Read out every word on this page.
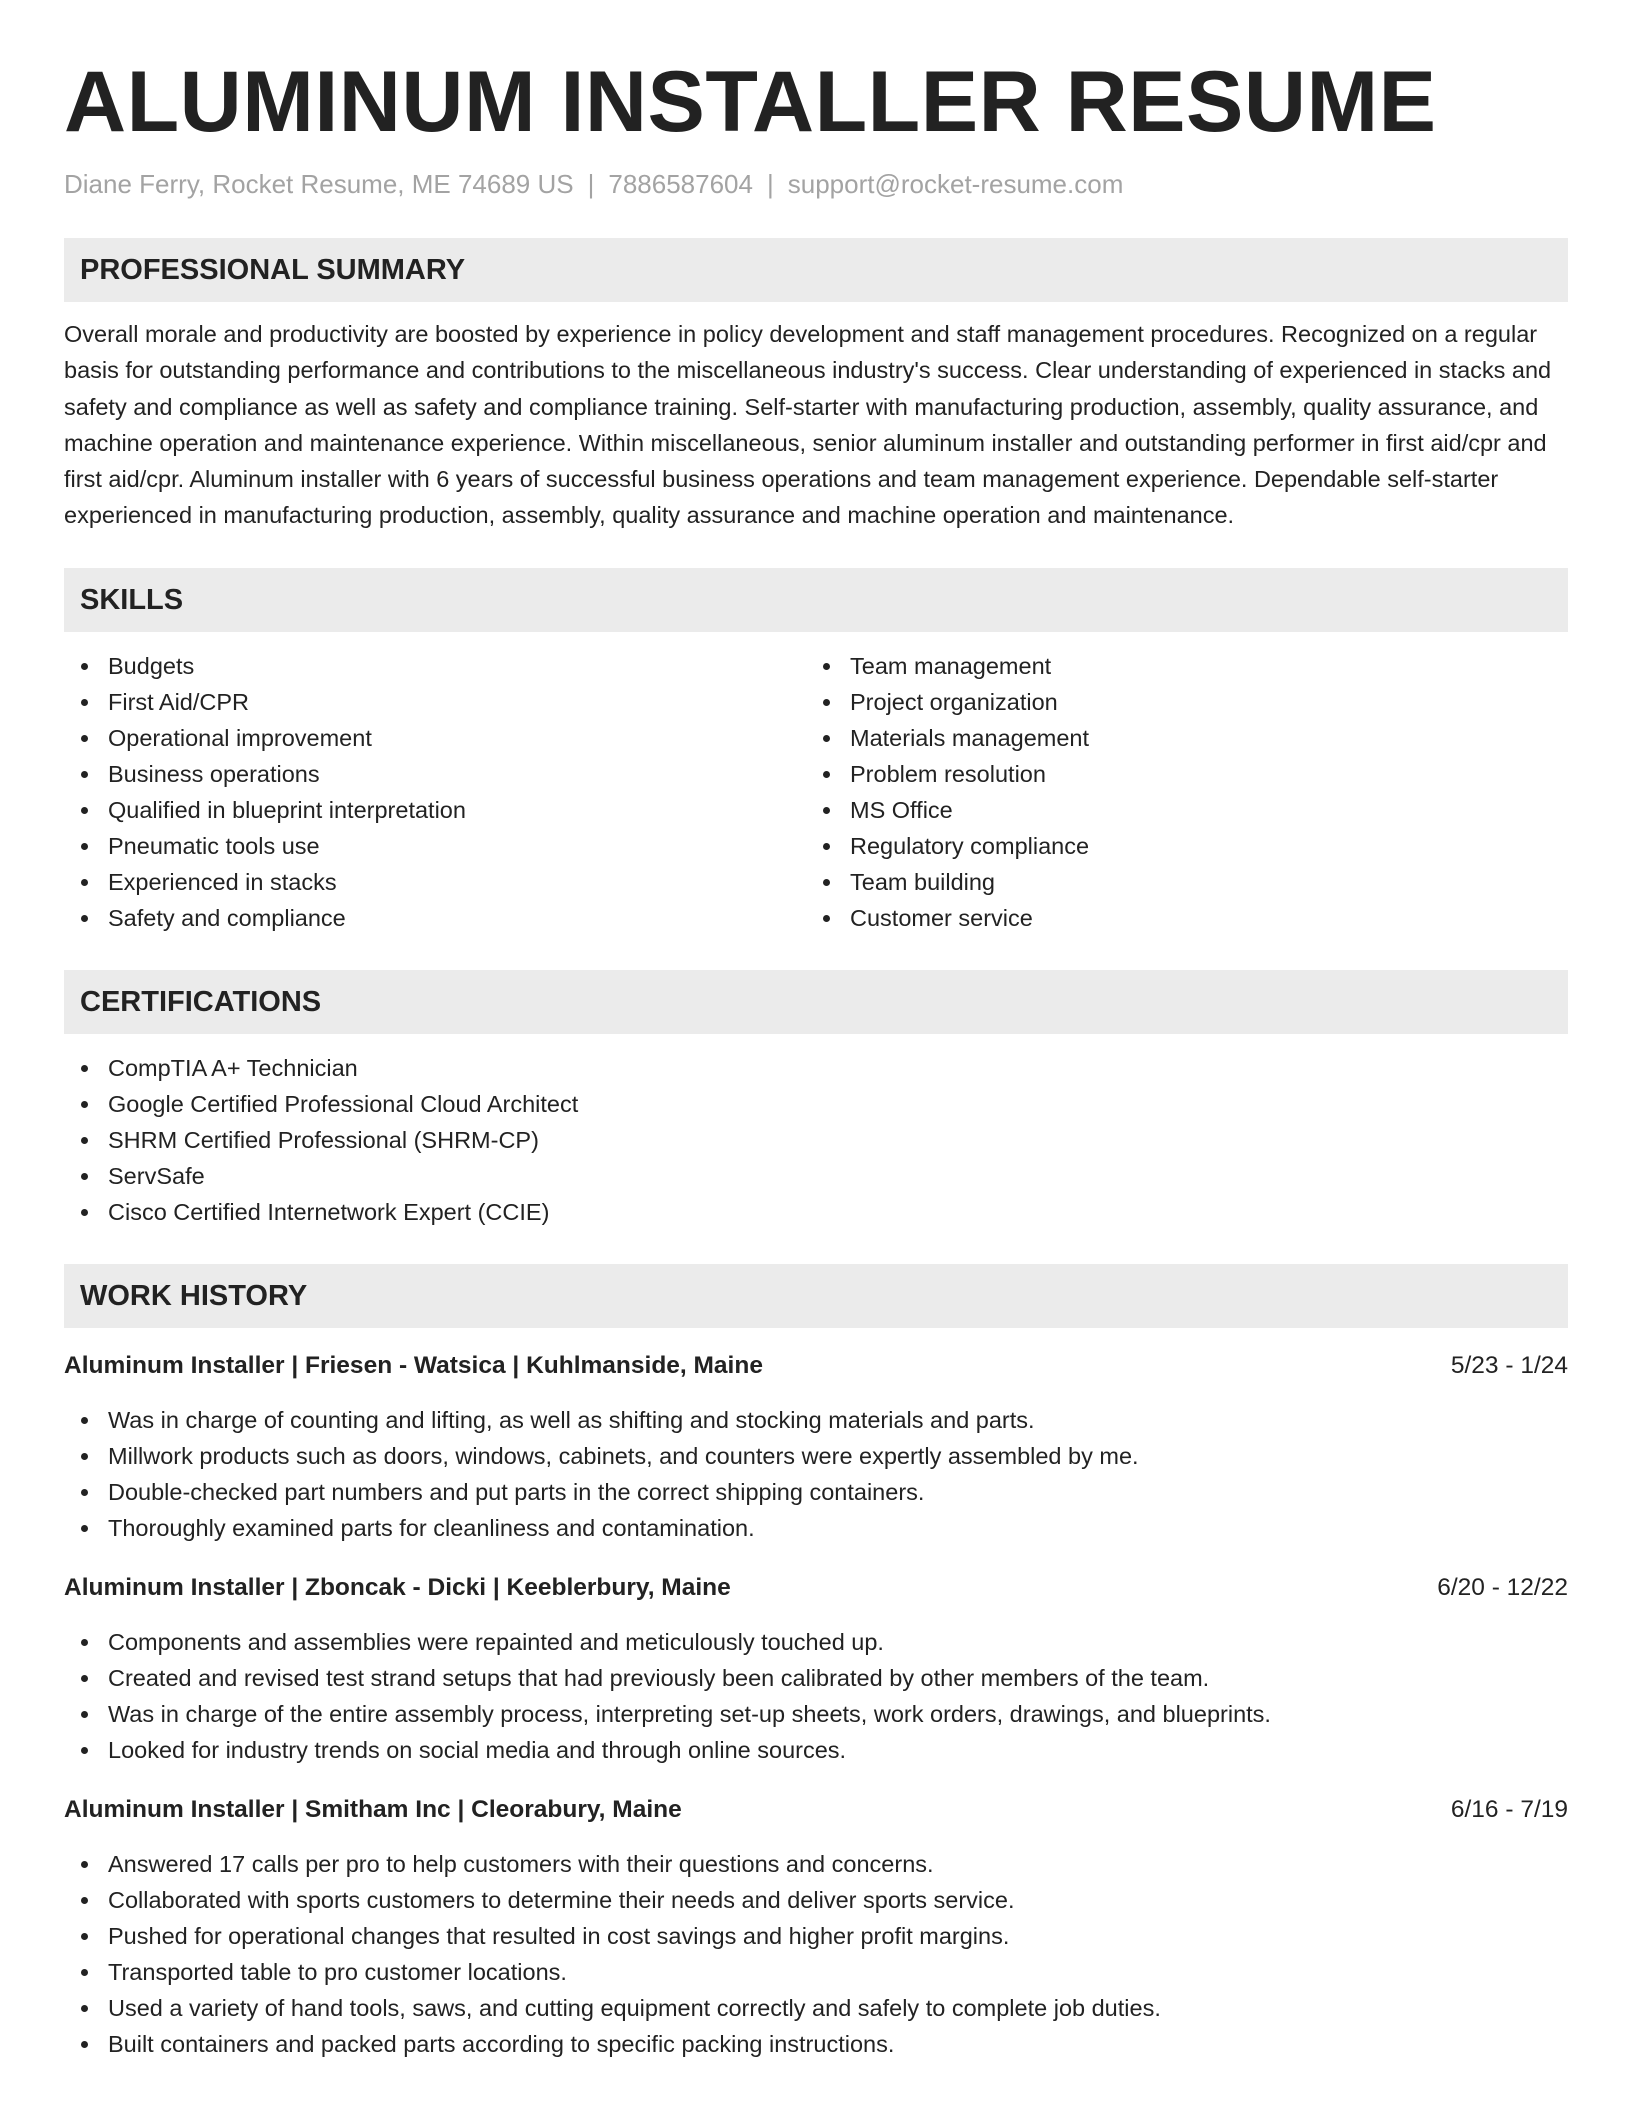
ALUMINUM INSTALLER RESUME
Diane Ferry, Rocket Resume, ME 74689 US | 7886587604 | support@rocket-resume.com
PROFESSIONAL SUMMARY
Overall morale and productivity are boosted by experience in policy development and staff management procedures. Recognized on a regular basis for outstanding performance and contributions to the miscellaneous industry's success. Clear understanding of experienced in stacks and safety and compliance as well as safety and compliance training. Self-starter with manufacturing production, assembly, quality assurance, and machine operation and maintenance experience. Within miscellaneous, senior aluminum installer and outstanding performer in first aid/cpr and first aid/cpr. Aluminum installer with 6 years of successful business operations and team management experience. Dependable self-starter experienced in manufacturing production, assembly, quality assurance and machine operation and maintenance.
SKILLS
Budgets
First Aid/CPR
Operational improvement
Business operations
Qualified in blueprint interpretation
Pneumatic tools use
Experienced in stacks
Safety and compliance
Team management
Project organization
Materials management
Problem resolution
MS Office
Regulatory compliance
Team building
Customer service
CERTIFICATIONS
CompTIA A+ Technician
Google Certified Professional Cloud Architect
SHRM Certified Professional (SHRM-CP)
ServSafe
Cisco Certified Internetwork Expert (CCIE)
WORK HISTORY
Aluminum Installer | Friesen - Watsica | Kuhlmanside, Maine	5/23 - 1/24
Was in charge of counting and lifting, as well as shifting and stocking materials and parts.
Millwork products such as doors, windows, cabinets, and counters were expertly assembled by me.
Double-checked part numbers and put parts in the correct shipping containers.
Thoroughly examined parts for cleanliness and contamination.
Aluminum Installer | Zboncak - Dicki | Keeblerbury, Maine	6/20 - 12/22
Components and assemblies were repainted and meticulously touched up.
Created and revised test strand setups that had previously been calibrated by other members of the team.
Was in charge of the entire assembly process, interpreting set-up sheets, work orders, drawings, and blueprints.
Looked for industry trends on social media and through online sources.
Aluminum Installer | Smitham Inc | Cleorabury, Maine	6/16 - 7/19
Answered 17 calls per pro to help customers with their questions and concerns.
Collaborated with sports customers to determine their needs and deliver sports service.
Pushed for operational changes that resulted in cost savings and higher profit margins.
Transported table to pro customer locations.
Used a variety of hand tools, saws, and cutting equipment correctly and safely to complete job duties.
Built containers and packed parts according to specific packing instructions.
